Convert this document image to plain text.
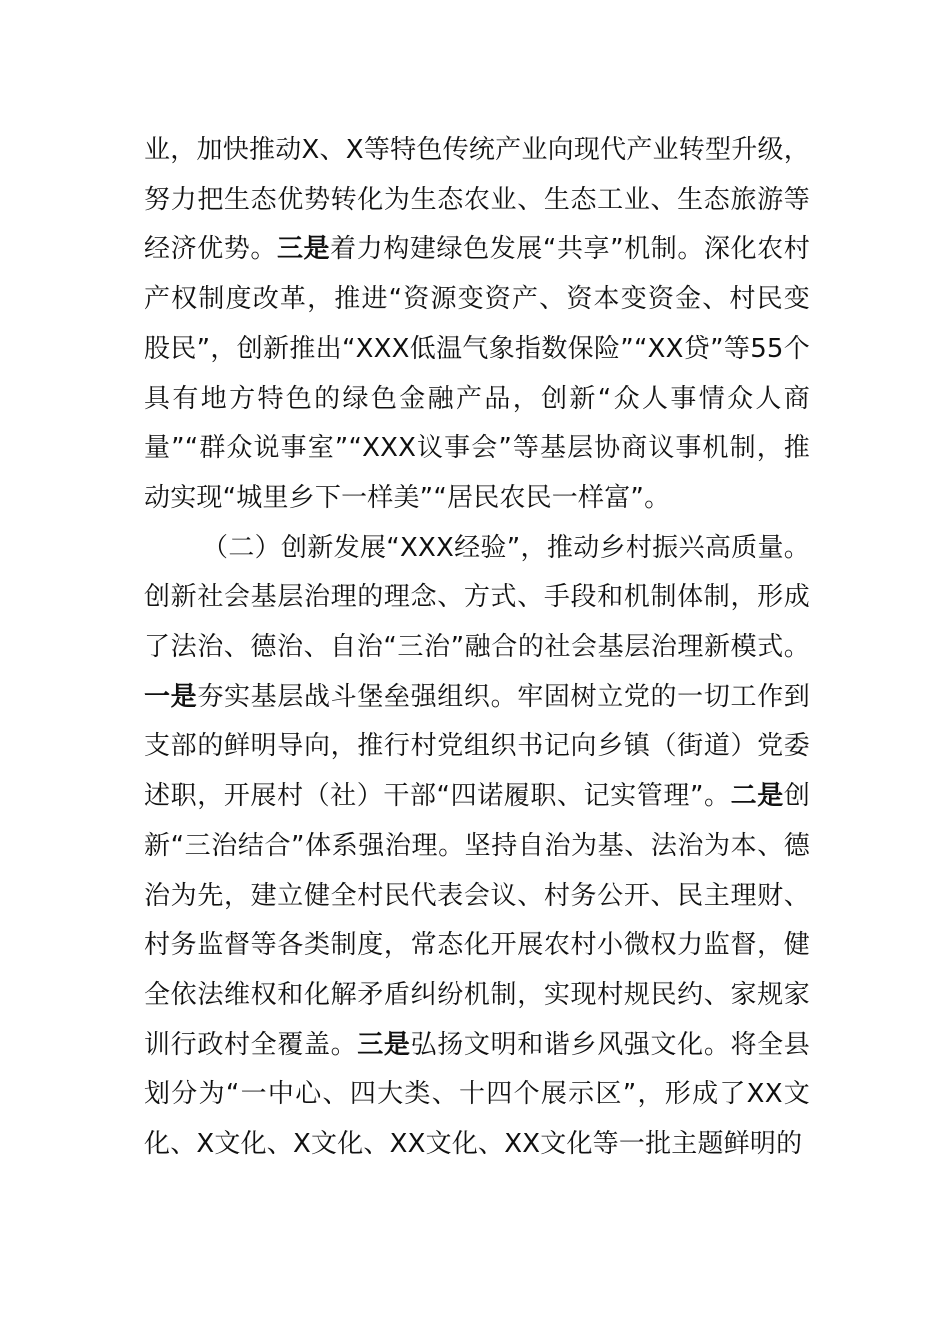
业，加快推动X、X等特色传统产业向现代产业转型升级，努力把生态优势转化为生态农业、生态工业、生态旅游等经济优势。三是着力构建绿色发展“共享”机制。深化农村产权制度改革，推进“资源变资产、资本变资金、村民变股民”，创新推出“XXX低温气象指数保险”“XX贷”等55个具有地方特色的绿色金融产品，创新“众人事情众人商量”“群众说事室”“XXX议事会”等基层协商议事机制，推动实现“城里乡下一样美”“居民农民一样富”。

（二）创新发展“XXX经验”，推动乡村振兴高质量。创新社会基层治理的理念、方式、手段和机制体制，形成了法治、德治、自治“三治”融合的社会基层治理新模式。一是夯实基层战斗堡垒强组织。牢固树立党的一切工作到支部的鲜明导向，推行村党组织书记向乡镇（街道）党委述职，开展村（社）干部“四诺履职、记实管理”。二是创新“三治结合”体系强治理。坚持自治为基、法治为本、德治为先，建立健全村民代表会议、村务公开、民主理财、村务监督等各类制度，常态化开展农村小微权力监督，健全依法维权和化解矛盾纠纷机制，实现村规民约、家规家训行政村全覆盖。三是弘扬文明和谐乡风强文化。将全县划分为“一中心、四大类、十四个展示区”，形成了XX文化、X文化、X文化、XX文化、XX文化等一批主题鲜明的
